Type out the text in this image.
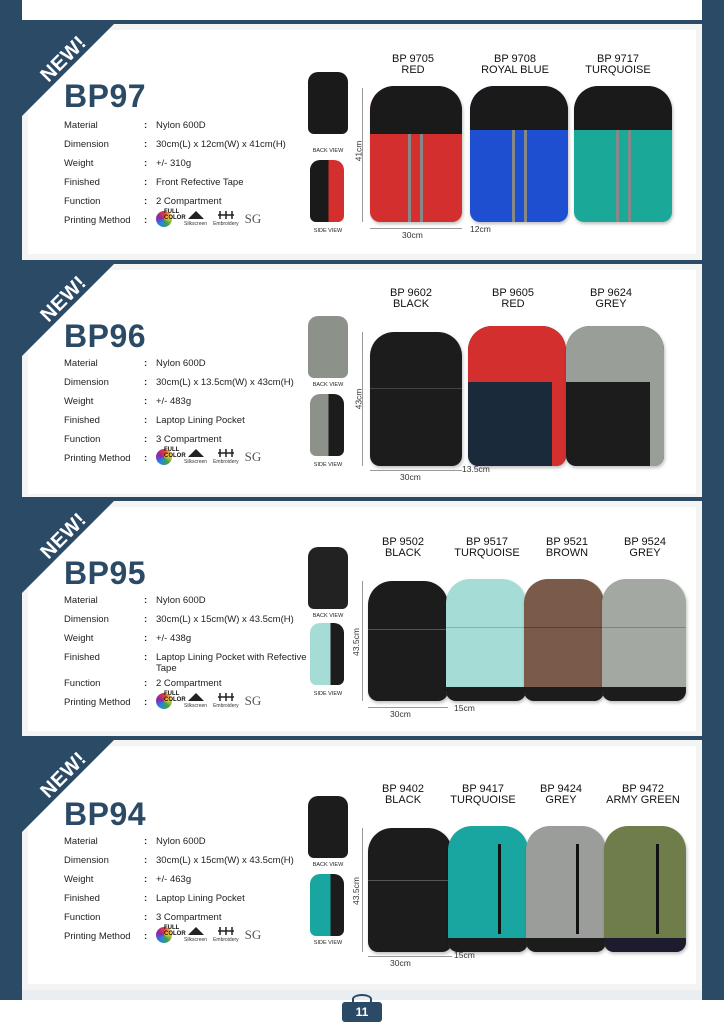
NEW!
BP97
Material	: Nylon 600D
Dimension	: 30cm(L) x 12cm(W) x 41cm(H)
Weight	: +/- 310g
Finished	: Front Refective Tape
Function	: 2 Compartment
Printing Method :
FULL COLOR
Silkscreen Embroidery SG
BACK VIEW
SIDE VIEW
BP 9705
RED
BP 9708
ROYAL BLUE
BP 9717
TURQUOISE
41cm
30cm
12cm
NEW!
BP96
Material	: Nylon 600D
Dimension	: 30cm(L) x 13.5cm(W) x 43cm(H)
Weight	: +/- 483g
Finished	: Laptop Lining Pocket
Function	: 3 Compartment
Printing Method :
FULL COLOR
Silkscreen Embroidery SG
BACK VIEW
SIDE VIEW
BP 9602
BLACK
BP 9605
RED
BP 9624
GREY
43cm
30cm
13.5cm
NEW!
BP95
Material	: Nylon 600D
Dimension	: 30cm(L) x 15cm(W) x 43.5cm(H)
Weight	: +/- 438g
Finished	: Laptop Lining Pocket with Refective Tape
Function	: 2 Compartment
Printing Method :
FULL COLOR
Silkscreen Embroidery SG
BACK VIEW
SIDE VIEW
BP 9502
BLACK
BP 9517
TURQUOISE
BP 9521
BROWN
BP 9524
GREY
43.5cm
30cm
15cm
NEW!
BP94
Material	: Nylon 600D
Dimension	: 30cm(L) x 15cm(W) x 43.5cm(H)
Weight	: +/- 463g
Finished	: Laptop Lining Pocket
Function	: 3 Compartment
Printing Method :
FULL COLOR
Silkscreen Embroidery SG
BACK VIEW
SIDE VIEW
BP 9402
BLACK
BP 9417
TURQUOISE
BP 9424
GREY
BP 9472
ARMY GREEN
43.5cm
30cm
15cm
11
